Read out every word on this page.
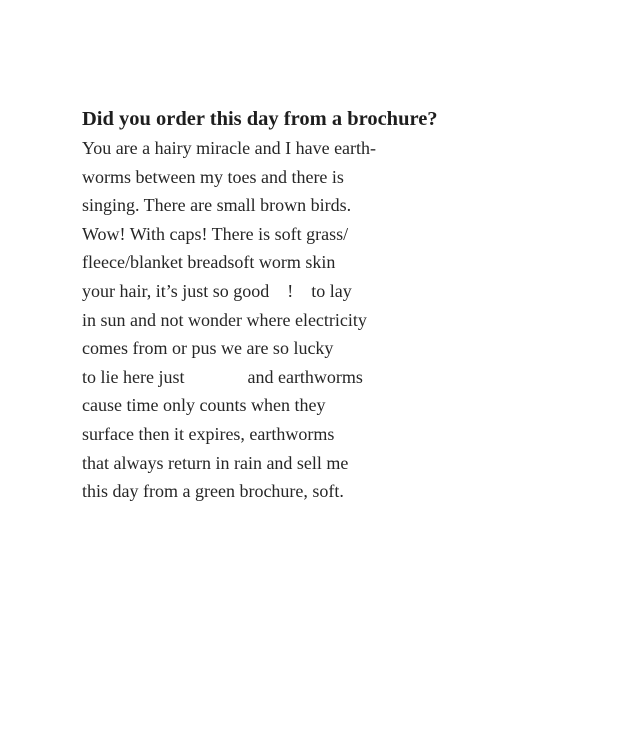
Did you order this day from a brochure?
You are a hairy miracle and I have earth-
worms between my toes and there is
singing. There are small brown birds.
Wow! With caps! There is soft grass/
fleece/blanket breadsoft worm skin
your hair, it’s just so good    !    to lay
in sun and not wonder where electricity
comes from or pus we are so lucky
to lie here just              and earthworms
cause time only counts when they
surface then it expires, earthworms
that always return in rain and sell me
this day from a green brochure, soft.
